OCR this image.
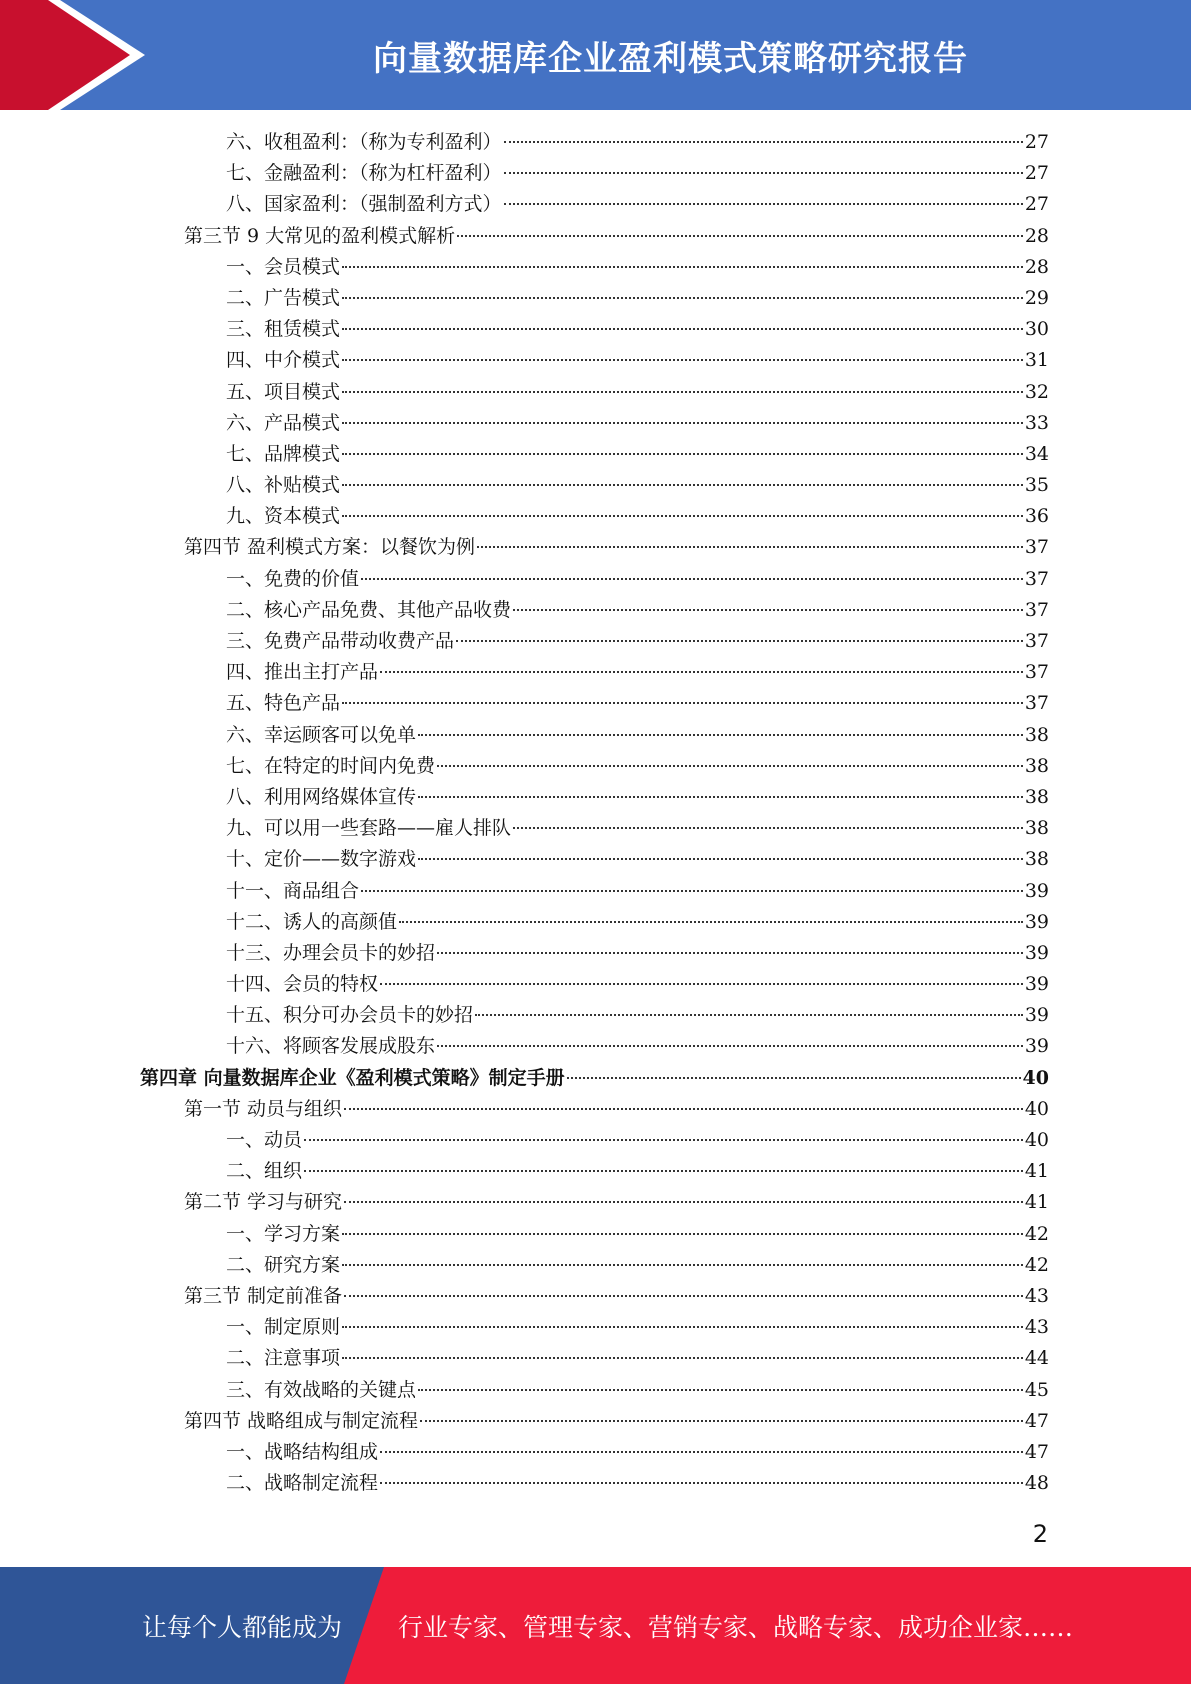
向量数据库企业盈利模式策略研究报告
六、收租盈利：（称为专利盈利）	27
七、金融盈利：（称为杠杆盈利）	27
八、国家盈利：（强制盈利方式）	27
第三节 9 大常见的盈利模式解析	28
一、会员模式	28
二、广告模式	29
三、租赁模式	30
四、中介模式	31
五、项目模式	32
六、产品模式	33
七、品牌模式	34
八、补贴模式	35
九、资本模式	36
第四节 盈利模式方案：以餐饮为例	37
一、免费的价值	37
二、核心产品免费、其他产品收费	37
三、免费产品带动收费产品	37
四、推出主打产品	37
五、特色产品	37
六、幸运顾客可以免单	38
七、在特定的时间内免费	38
八、利用网络媒体宣传	38
九、可以用一些套路——雇人排队	38
十、定价——数字游戏	38
十一、商品组合	39
十二、诱人的高颜值	39
十三、办理会员卡的妙招	39
十四、会员的特权	39
十五、积分可办会员卡的妙招	39
十六、将顾客发展成股东	39
第四章 向量数据库企业《盈利模式策略》制定手册	40
第一节 动员与组织	40
一、动员	40
二、组织	41
第二节 学习与研究	41
一、学习方案	42
二、研究方案	42
第三节 制定前准备	43
一、制定原则	43
二、注意事项	44
三、有效战略的关键点	45
第四节 战略组成与制定流程	47
一、战略结构组成	47
二、战略制定流程	48
2
让每个人都能成为 行业专家、管理专家、营销专家、战略专家、成功企业家……
